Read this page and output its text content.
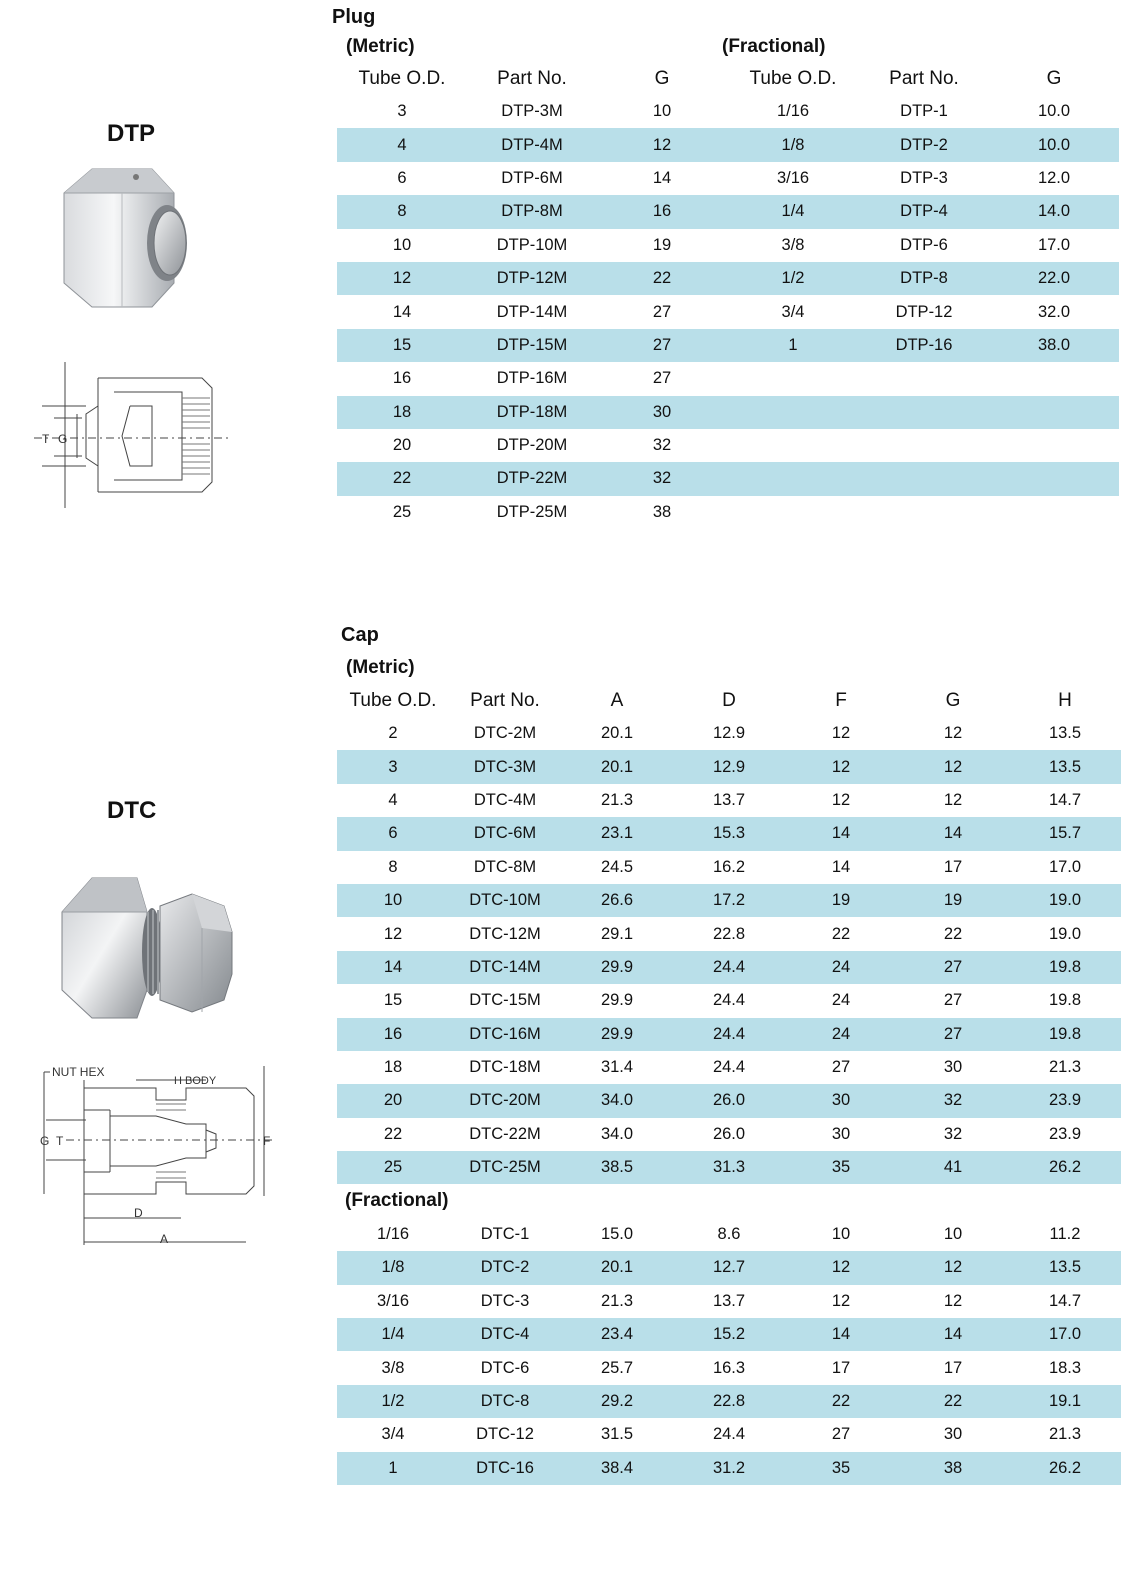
DTP
T G
Plug
(Metric)	(Fractional)
Tube O.D.	Part No.	G	Tube O.D.	Part No.	G
3	DTP-3M	10	1/16	DTP-1	10.0
4	DTP-4M	12	1/8	DTP-2	10.0
6	DTP-6M	14	3/16	DTP-3	12.0
8	DTP-8M	16	1/4	DTP-4	14.0
10	DTP-10M	19	3/8	DTP-6	17.0
12	DTP-12M	22	1/2	DTP-8	22.0
14	DTP-14M	27	3/4	DTP-12	32.0
15	DTP-15M	27	1	DTP-16	38.0
16	DTP-16M	27			
18	DTP-18M	30			
20	DTP-20M	32			
22	DTP-22M	32			
25	DTP-25M	38			
DTC
NUT HEX
H BODY
G T	F
D
A
Cap
(Metric)
Tube O.D.	Part No.	A	D	F	G	H
2	DTC-2M	20.1	12.9	12	12	13.5
3	DTC-3M	20.1	12.9	12	12	13.5
4	DTC-4M	21.3	13.7	12	12	14.7
6	DTC-6M	23.1	15.3	14	14	15.7
8	DTC-8M	24.5	16.2	14	17	17.0
10	DTC-10M	26.6	17.2	19	19	19.0
12	DTC-12M	29.1	22.8	22	22	19.0
14	DTC-14M	29.9	24.4	24	27	19.8
15	DTC-15M	29.9	24.4	24	27	19.8
16	DTC-16M	29.9	24.4	24	27	19.8
18	DTC-18M	31.4	24.4	27	30	21.3
20	DTC-20M	34.0	26.0	30	32	23.9
22	DTC-22M	34.0	26.0	30	32	23.9
25	DTC-25M	38.5	31.3	35	41	26.2
(Fractional)						
1/16	DTC-1	15.0	8.6	10	10	11.2
1/8	DTC-2	20.1	12.7	12	12	13.5
3/16	DTC-3	21.3	13.7	12	12	14.7
1/4	DTC-4	23.4	15.2	14	14	17.0
3/8	DTC-6	25.7	16.3	17	17	18.3
1/2	DTC-8	29.2	22.8	22	22	19.1
3/4	DTC-12	31.5	24.4	27	30	21.3
1	DTC-16	38.4	31.2	35	38	26.2
